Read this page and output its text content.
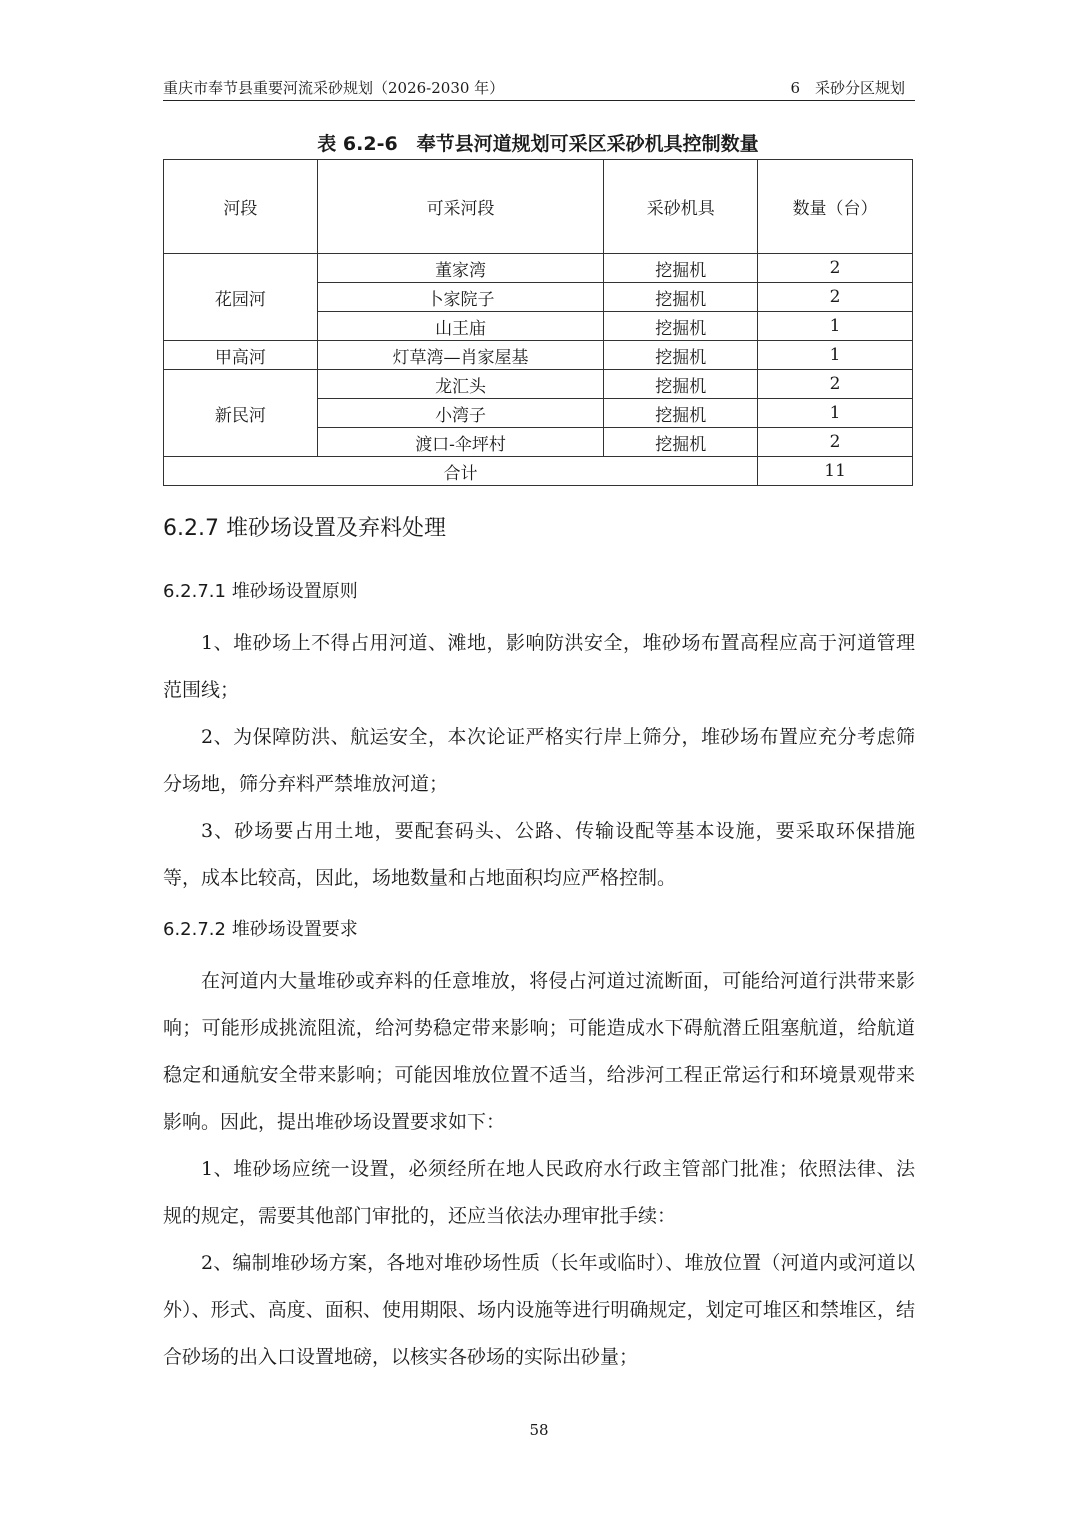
重庆市奉节县重要河流采砂规划（2026-2030 年）	6　采砂分区规划
表 6.2-6　奉节县河道规划可采区采砂机具控制数量
河段	可采河段	采砂机具	数量（台）
花园河	董家湾	挖掘机	2
	卜家院子	挖掘机	2
	山王庙	挖掘机	1
甲高河	灯草湾—肖家屋基	挖掘机	1
新民河	龙汇头	挖掘机	2
	小湾子	挖掘机	1
	渡口-伞坪村	挖掘机	2
合计			11
6.2.7 堆砂场设置及弃料处理
6.2.7.1 堆砂场设置原则

1、堆砂场上不得占用河道、滩地，影响防洪安全，堆砂场布置高程应高于河道管理范围线；

2、为保障防洪、航运安全，本次论证严格实行岸上筛分，堆砂场布置应充分考虑筛分场地，筛分弃料严禁堆放河道；

3、砂场要占用土地，要配套码头、公路、传输设配等基本设施，要采取环保措施等，成本比较高，因此，场地数量和占地面积均应严格控制。

6.2.7.2 堆砂场设置要求

在河道内大量堆砂或弃料的任意堆放，将侵占河道过流断面，可能给河道行洪带来影响；可能形成挑流阻流，给河势稳定带来影响；可能造成水下碍航潜丘阻塞航道，给航道稳定和通航安全带来影响；可能因堆放位置不适当，给涉河工程正常运行和环境景观带来影响。因此，提出堆砂场设置要求如下：

1、堆砂场应统一设置，必须经所在地人民政府水行政主管部门批准；依照法律、法规的规定，需要其他部门审批的，还应当依法办理审批手续：

2、编制堆砂场方案，各地对堆砂场性质（长年或临时）、堆放位置（河道内或河道以外）、形式、高度、面积、使用期限、场内设施等进行明确规定，划定可堆区和禁堆区，结合砂场的出入口设置地磅，以核实各砂场的实际出砂量；

58
